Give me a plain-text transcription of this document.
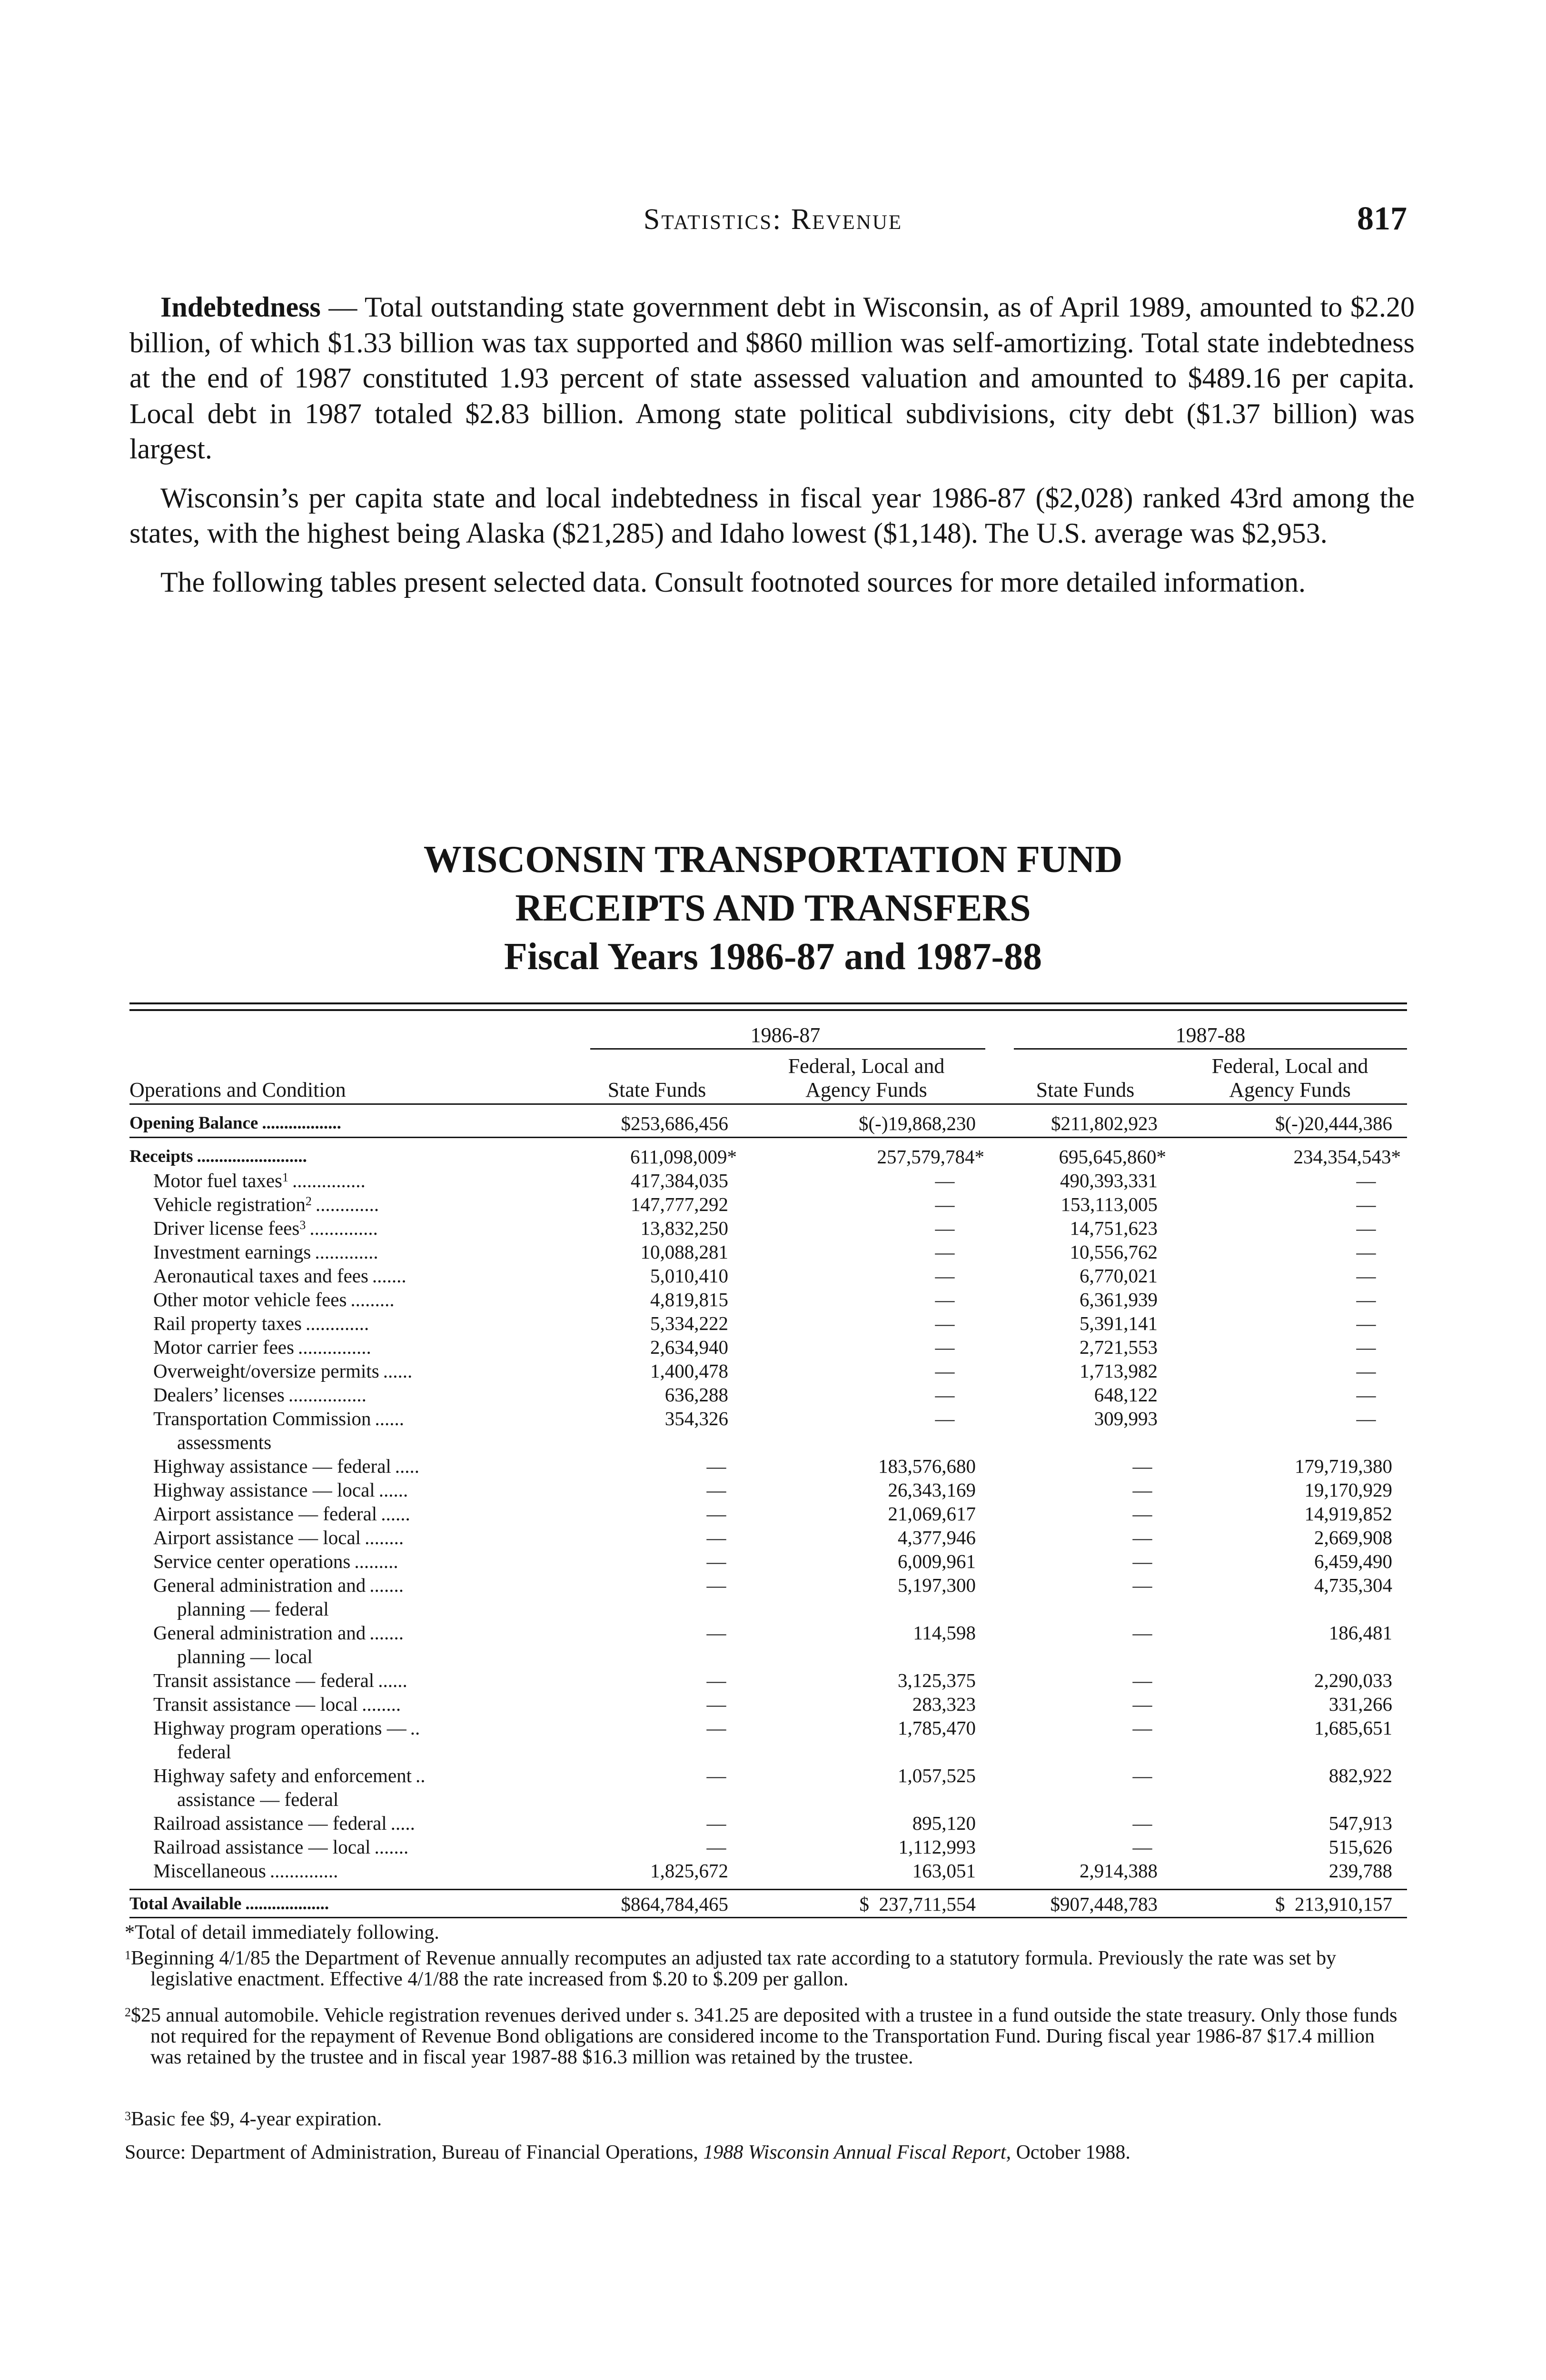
Statistics: Revenue	817

Indebtedness — Total outstanding state government debt in Wisconsin, as of April 1989, amounted to $2.20 billion, of which $1.33 billion was tax supported and $860 million was self-amortizing. Total state indebtedness at the end of 1987 constituted 1.93 percent of state assessed valuation and amounted to $489.16 per capita. Local debt in 1987 totaled $2.83 billion. Among state political subdivisions, city debt ($1.37 billion) was largest.

Wisconsin’s per capita state and local indebtedness in fiscal year 1986-87 ($2,028) ranked 43rd among the states, with the highest being Alaska ($21,285) and Idaho lowest ($1,148). The U.S. average was $2,953.

The following tables present selected data. Consult footnoted sources for more detailed information.

WISCONSIN TRANSPORTATION FUND
RECEIPTS AND TRANSFERS
Fiscal Years 1986-87 and 1987-88
1986-87	1987-88
Operations and Condition	State Funds
Federal, Local and
Agency Funds	State Funds
Federal, Local and
Agency Funds
Opening Balance ..................	$253,686,456	$(-)19,868,230	$211,802,923	$(-)20,444,386
Receipts .........................	611,098,009*	257,579,784*	695,645,860*	234,354,543*
Motor fuel taxes$^1$ ...............	417,384,035	—	490,393,331	—
Vehicle registration$^2$ .............	147,777,292	—	153,113,005	—
Driver license fees$^3$ ..............	13,832,250	—	14,751,623	—
Investment earnings .............	10,088,281	—	10,556,762	—
Aeronautical taxes and fees .......	5,010,410	—	6,770,021	—
Other motor vehicle fees .........	4,819,815	—	6,361,939	—
Rail property taxes .............	5,334,222	—	5,391,141	—
Motor carrier fees ...............	2,634,940	—	2,721,553	—
Overweight/oversize permits ......	1,400,478	—	1,713,982	—
Dealers’ licenses ................	636,288	—	648,122	—
Transportation Commission ......	354,326	—	309,993	—
assessments
Highway assistance — federal .....	—	183,576,680	—	179,719,380
Highway assistance — local ......	—	26,343,169	—	19,170,929
Airport assistance — federal ......	—	21,069,617	—	14,919,852
Airport assistance — local ........	—	4,377,946	—	2,669,908
Service center operations .........	—	6,009,961	—	6,459,490
General administration and .......	—	5,197,300	—	4,735,304
planning — federal
General administration and .......	—	114,598	—	186,481
planning — local
Transit assistance — federal ......	—	3,125,375	—	2,290,033
Transit assistance — local ........	—	283,323	—	331,266
Highway program operations — ..	—	1,785,470	—	1,685,651
federal
Highway safety and enforcement ..	—	1,057,525	—	882,922
assistance — federal
Railroad assistance — federal .....	—	895,120	—	547,913
Railroad assistance — local .......	—	1,112,993	—	515,626
Miscellaneous ..............	1,825,672	163,051	2,914,388	239,788
Total Available ...................	$864,784,465	$  237,711,554	$907,448,783	$  213,910,157
*Total of detail immediately following.
$^1$Beginning 4/1/85 the Department of Revenue annually recomputes an adjusted tax rate according to a statutory formula. Previously the rate was set by legislative enactment. Effective 4/1/88 the rate increased from $.20 to $.209 per gallon.
$^2$\$25 annual automobile. Vehicle registration revenues derived under s. 341.25 are deposited with a trustee in a fund outside the state treasury. Only those funds not required for the repayment of Revenue Bond obligations are considered income to the Transportation Fund. During fiscal year 1986-87 $17.4 million was retained by the trustee and in fiscal year 1987-88 $16.3 million was retained by the trustee.
$^3$Basic fee $9, 4-year expiration.
Source: Department of Administration, Bureau of Financial Operations, 1988 Wisconsin Annual Fiscal Report, October 1988.
